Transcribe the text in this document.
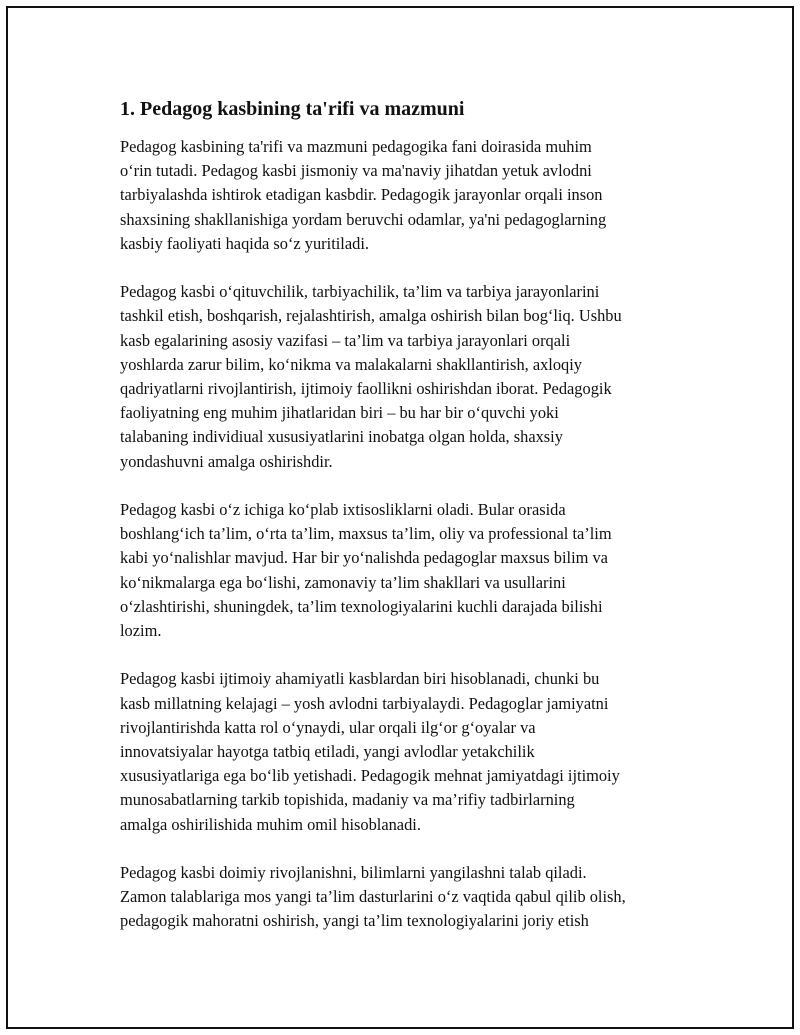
1. Pedagog kasbining ta'rifi va mazmuni

Pedagog kasbining ta'rifi va mazmuni pedagogika fani doirasida muhim
o‘rin tutadi. Pedagog kasbi jismoniy va ma'naviy jihatdan yetuk avlodni
tarbiyalashda ishtirok etadigan kasbdir. Pedagogik jarayonlar orqali inson
shaxsining shakllanishiga yordam beruvchi odamlar, ya'ni pedagoglarning
kasbiy faoliyati haqida so‘z yuritiladi.

Pedagog kasbi o‘qituvchilik, tarbiyachilik, ta’lim va tarbiya jarayonlarini
tashkil etish, boshqarish, rejalashtirish, amalga oshirish bilan bog‘liq. Ushbu
kasb egalarining asosiy vazifasi – ta’lim va tarbiya jarayonlari orqali
yoshlarda zarur bilim, ko‘nikma va malakalarni shakllantirish, axloqiy
qadriyatlarni rivojlantirish, ijtimoiy faollikni oshirishdan iborat. Pedagogik
faoliyatning eng muhim jihatlaridan biri – bu har bir o‘quvchi yoki
talabaning individiual xususiyatlarini inobatga olgan holda, shaxsiy
yondashuvni amalga oshirishdir.

Pedagog kasbi o‘z ichiga ko‘plab ixtisosliklarni oladi. Bular orasida
boshlang‘ich ta’lim, o‘rta ta’lim, maxsus ta’lim, oliy va professional ta’lim
kabi yo‘nalishlar mavjud. Har bir yo‘nalishda pedagoglar maxsus bilim va
ko‘nikmalarga ega bo‘lishi, zamonaviy ta’lim shakllari va usullarini
o‘zlashtirishi, shuningdek, ta’lim texnologiyalarini kuchli darajada bilishi
lozim.

Pedagog kasbi ijtimoiy ahamiyatli kasblardan biri hisoblanadi, chunki bu
kasb millatning kelajagi – yosh avlodni tarbiyalaydi. Pedagoglar jamiyatni
rivojlantirishda katta rol o‘ynaydi, ular orqali ilg‘or g‘oyalar va
innovatsiyalar hayotga tatbiq etiladi, yangi avlodlar yetakchilik
xususiyatlariga ega bo‘lib yetishadi. Pedagogik mehnat jamiyatdagi ijtimoiy
munosabatlarning tarkib topishida, madaniy va ma’rifiy tadbirlarning
amalga oshirilishida muhim omil hisoblanadi.

Pedagog kasbi doimiy rivojlanishni, bilimlarni yangilashni talab qiladi.
Zamon talablariga mos yangi ta’lim dasturlarini o‘z vaqtida qabul qilib olish,
pedagogik mahoratni oshirish, yangi ta’lim texnologiyalarini joriy etish
